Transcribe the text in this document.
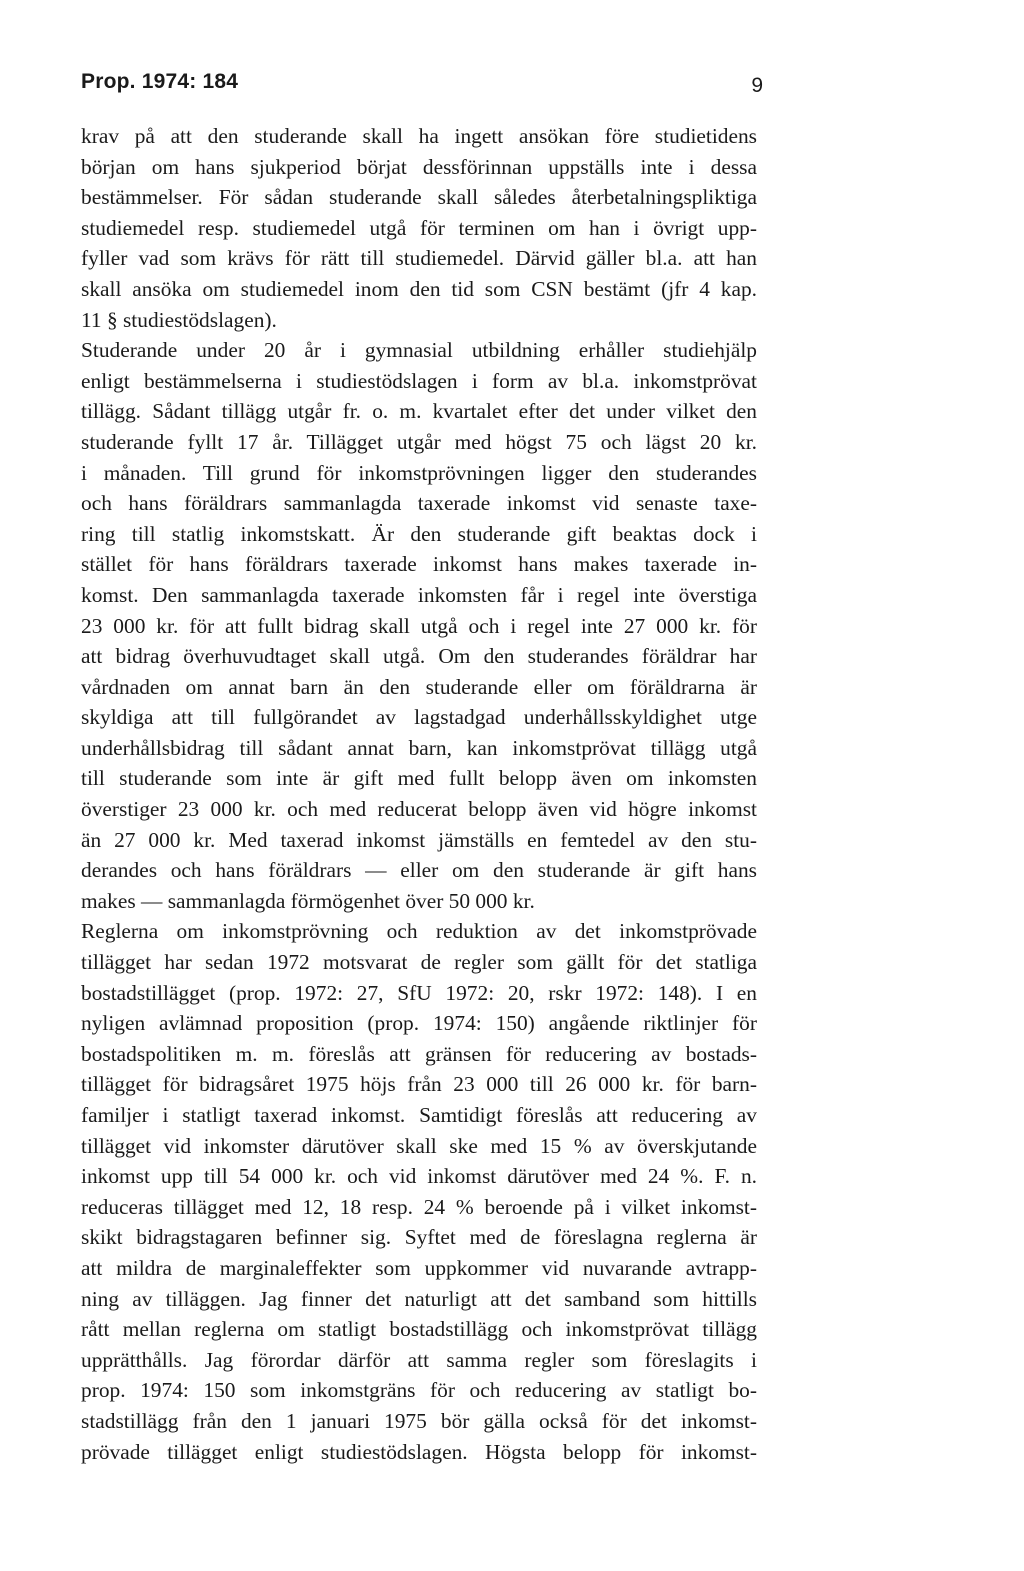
Prop. 1974: 184	9

krav på att den studerande skall ha ingett ansökan före studietidens
början om hans sjukperiod börjat dessförinnan uppställs inte i dessa
bestämmelser. För sådan studerande skall således återbetalningspliktiga
studiemedel resp. studiemedel utgå för terminen om han i övrigt upp-
fyller vad som krävs för rätt till studiemedel. Därvid gäller bl.a. att han
skall ansöka om studiemedel inom den tid som CSN bestämt (jfr 4 kap.
11 § studiestödslagen).

Studerande under 20 år i gymnasial utbildning erhåller studiehjälp
enligt bestämmelserna i studiestödslagen i form av bl.a. inkomstprövat
tillägg. Sådant tillägg utgår fr. o. m. kvartalet efter det under vilket den
studerande fyllt 17 år. Tillägget utgår med högst 75 och lägst 20 kr.
i månaden. Till grund för inkomstprövningen ligger den studerandes
och hans föräldrars sammanlagda taxerade inkomst vid senaste taxe-
ring till statlig inkomstskatt. Är den studerande gift beaktas dock i
stället för hans föräldrars taxerade inkomst hans makes taxerade in-
komst. Den sammanlagda taxerade inkomsten får i regel inte överstiga
23 000 kr. för att fullt bidrag skall utgå och i regel inte 27 000 kr. för
att bidrag överhuvudtaget skall utgå. Om den studerandes föräldrar har
vårdnaden om annat barn än den studerande eller om föräldrarna är
skyldiga att till fullgörandet av lagstadgad underhållsskyldighet utge
underhållsbidrag till sådant annat barn, kan inkomstprövat tillägg utgå
till studerande som inte är gift med fullt belopp även om inkomsten
överstiger 23 000 kr. och med reducerat belopp även vid högre inkomst
än 27 000 kr. Med taxerad inkomst jämställs en femtedel av den stu-
derandes och hans föräldrars — eller om den studerande är gift hans
makes — sammanlagda förmögenhet över 50 000 kr.

Reglerna om inkomstprövning och reduktion av det inkomstprövade
tillägget har sedan 1972 motsvarat de regler som gällt för det statliga
bostadstillägget (prop. 1972: 27, SfU 1972: 20, rskr 1972: 148). I en
nyligen avlämnad proposition (prop. 1974: 150) angående riktlinjer för
bostadspolitiken m. m. föreslås att gränsen för reducering av bostads-
tillägget för bidragsåret 1975 höjs från 23 000 till 26 000 kr. för barn-
familjer i statligt taxerad inkomst. Samtidigt föreslås att reducering av
tillägget vid inkomster därutöver skall ske med 15 % av överskjutande
inkomst upp till 54 000 kr. och vid inkomst därutöver med 24 %. F. n.
reduceras tillägget med 12, 18 resp. 24 % beroende på i vilket inkomst-
skikt bidragstagaren befinner sig. Syftet med de föreslagna reglerna är
att mildra de marginaleffekter som uppkommer vid nuvarande avtrapp-
ning av tilläggen. Jag finner det naturligt att det samband som hittills
rått mellan reglerna om statligt bostadstillägg och inkomstprövat tillägg
upprätthålls. Jag förordar därför att samma regler som föreslagits i
prop. 1974: 150 som inkomstgräns för och reducering av statligt bo-
stadstillägg från den 1 januari 1975 bör gälla också för det inkomst-
prövade tillägget enligt studiestödslagen. Högsta belopp för inkomst-
